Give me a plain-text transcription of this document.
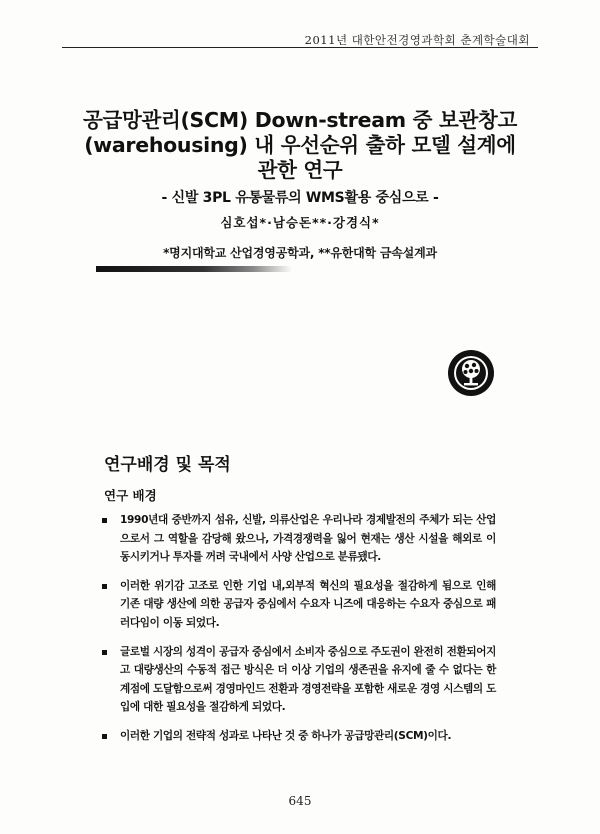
2011년 대한안전경영과학회 춘계학술대회
공급망관리(SCM) Down-stream 중 보관창고
(warehousing) 내 우선순위 출하 모델 설계에
관한 연구
- 신발 3PL 유통물류의 WMS활용 중심으로 -
심호섭*·남승돈**·강경식*
*명지대학교 산업경영공학과, **유한대학 금속설계과
연구배경 및 목적
연구 배경
1990년대 중반까지 섬유, 신발, 의류산업은 우리나라 경제발전의 주체가 되는 산업으로서 그 역할을 감당해 왔으나, 가격경쟁력을 잃어 현재는 생산 시설을 해외로 이동시키거나 투자를 꺼려 국내에서 사양 산업으로 분류됐다.
이러한 위기감 고조로 인한 기업 내,외부적 혁신의 필요성을 절감하게 됨으로 인해 기존 대량 생산에 의한 공급자 중심에서 수요자 니즈에 대응하는 수요자 중심으로 패러다임이 이동 되었다.
글로벌 시장의 성격이 공급자 중심에서 소비자 중심으로 주도권이 완전히 전환되어지고 대량생산의 수동적 접근 방식은 더 이상 기업의 생존권을 유지에 줄 수 없다는 한계점에 도달함으로써 경영마인드 전환과 경영전략을 포함한 새로운 경영 시스템의 도입에 대한 필요성을 절감하게 되었다.
이러한 기업의 전략적 성과로 나타난 것 중 하나가 공급망관리(SCM)이다.
645
